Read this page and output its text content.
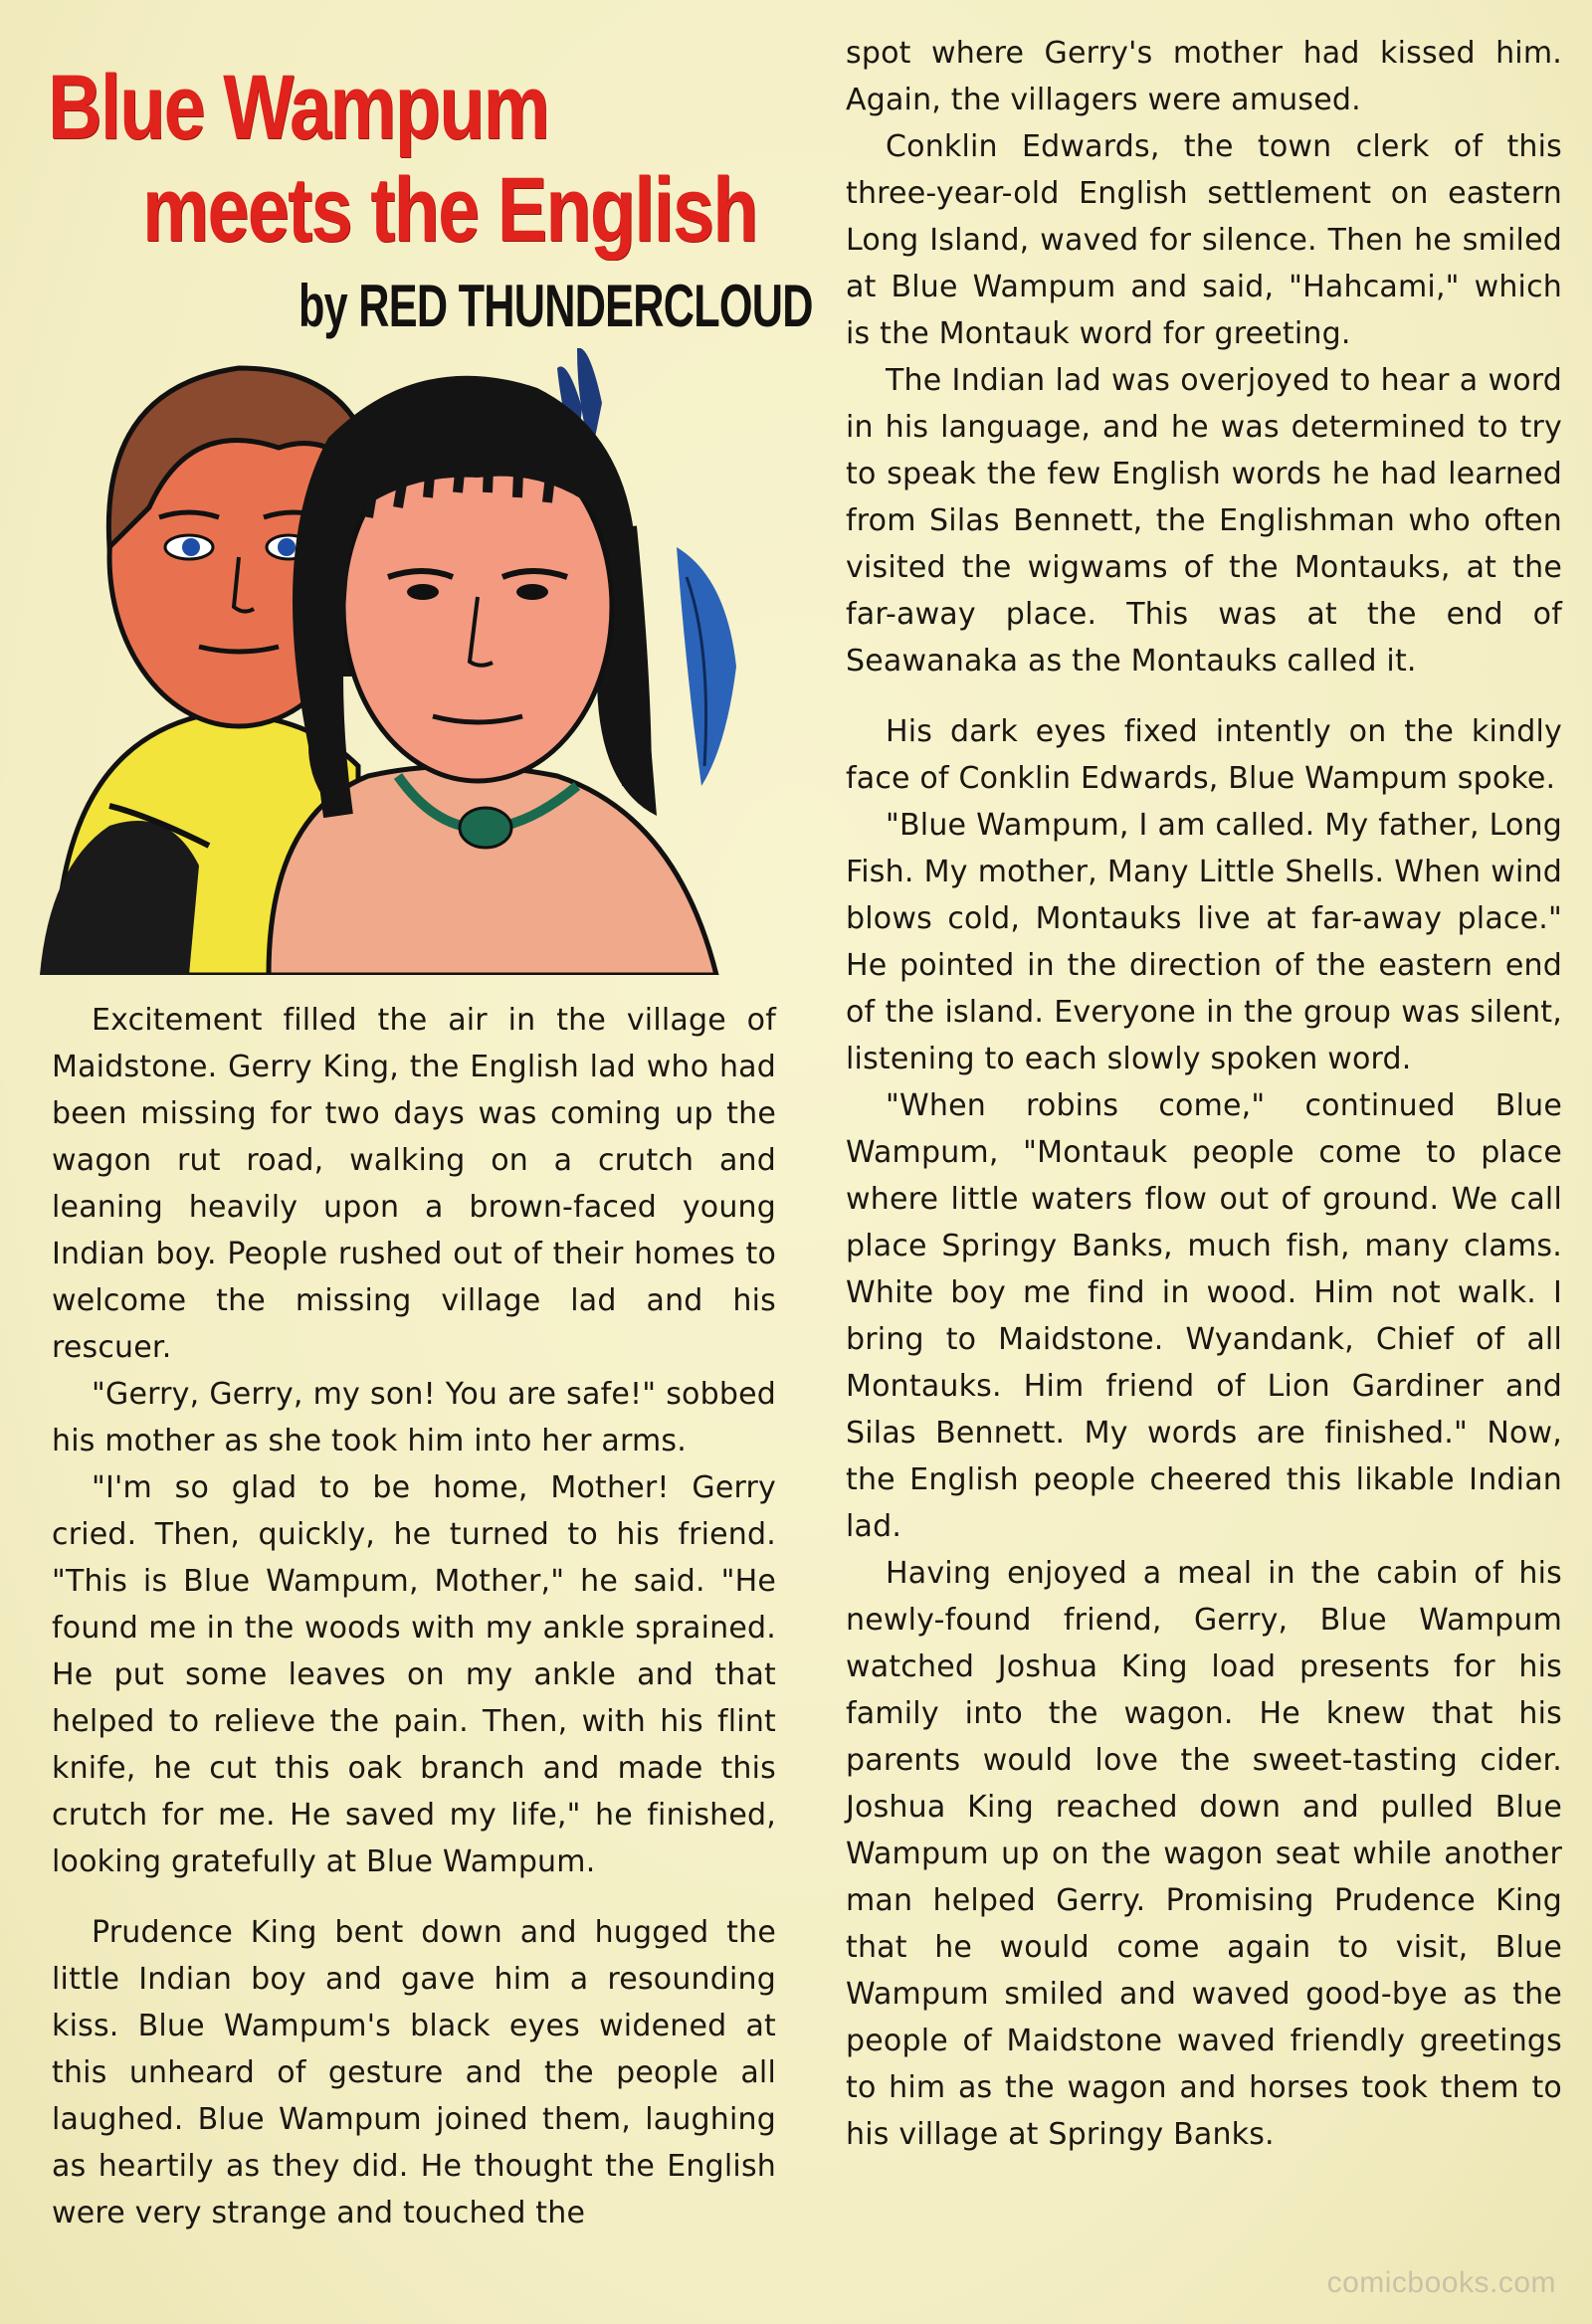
Blue Wampum
meets the English
by RED THUNDERCLOUD

Excitement filled the air in the village of Maidstone. Gerry King, the English lad who had been missing for two days was coming up the wagon rut road, walking on a crutch and leaning heavily upon a brown-faced young Indian boy. People rushed out of their homes to welcome the missing village lad and his rescuer.

"Gerry, Gerry, my son! You are safe!" sobbed his mother as she took him into her arms.

"I'm so glad to be home, Mother! Gerry cried. Then, quickly, he turned to his friend. "This is Blue Wampum, Mother," he said. "He found me in the woods with my ankle sprained. He put some leaves on my ankle and that helped to relieve the pain. Then, with his flint knife, he cut this oak branch and made this crutch for me. He saved my life," he finished, looking gratefully at Blue Wampum.

Prudence King bent down and hugged the little Indian boy and gave him a resounding kiss. Blue Wampum's black eyes widened at this unheard of gesture and the people all laughed. Blue Wampum joined them, laughing as heartily as they did. He thought the English were very strange and touched the

spot where Gerry's mother had kissed him. Again, the villagers were amused.

Conklin Edwards, the town clerk of this three-year-old English settlement on eastern Long Island, waved for silence. Then he smiled at Blue Wampum and said, "Hahcami," which is the Montauk word for greeting.

The Indian lad was overjoyed to hear a word in his language, and he was determined to try to speak the few English words he had learned from Silas Bennett, the Englishman who often visited the wigwams of the Montauks, at the far-away place. This was at the end of Seawanaka as the Montauks called it.

His dark eyes fixed intently on the kindly face of Conklin Edwards, Blue Wampum spoke.

"Blue Wampum, I am called. My father, Long Fish. My mother, Many Little Shells. When wind blows cold, Montauks live at far-away place." He pointed in the direction of the eastern end of the island. Everyone in the group was silent, listening to each slowly spoken word.

"When robins come," continued Blue Wampum, "Montauk people come to place where little waters flow out of ground. We call place Springy Banks, much fish, many clams. White boy me find in wood. Him not walk. I bring to Maidstone. Wyandank, Chief of all Montauks. Him friend of Lion Gardiner and Silas Bennett. My words are finished." Now, the English people cheered this likable Indian lad.

Having enjoyed a meal in the cabin of his newly-found friend, Gerry, Blue Wampum watched Joshua King load presents for his family into the wagon. He knew that his parents would love the sweet-tasting cider. Joshua King reached down and pulled Blue Wampum up on the wagon seat while another man helped Gerry. Promising Prudence King that he would come again to visit, Blue Wampum smiled and waved good-bye as the people of Maidstone waved friendly greetings to him as the wagon and horses took them to his village at Springy Banks.

comicbooks.com
